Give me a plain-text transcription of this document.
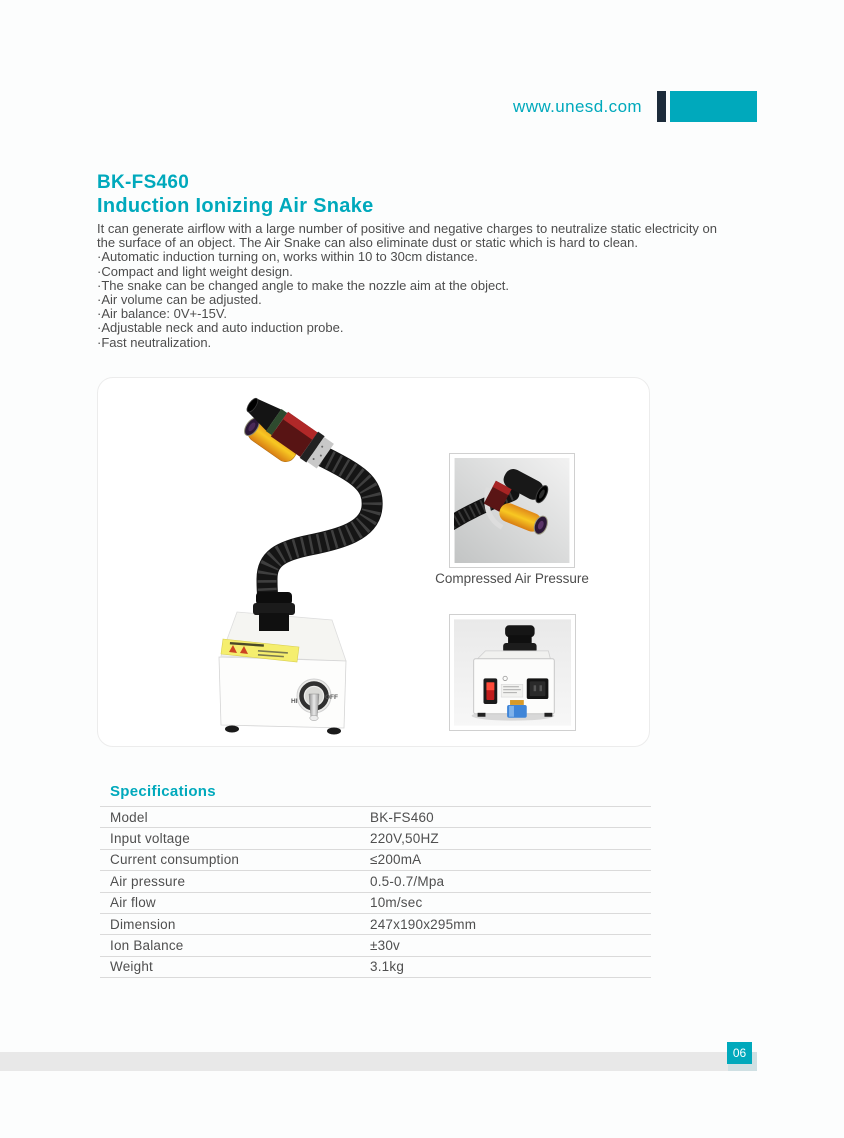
www.unesd.com
BK-FS460
Induction Ionizing Air Snake
It can generate airflow with a large number of positive and negative charges to neutralize static electricity on
the surface of an object. The Air Snake can also eliminate dust or static which is hard to clean.
·Automatic induction turning on, works within 10 to 30cm distance.
·Compact and light weight design.
·The snake can be changed angle to make the nozzle aim at the object.
·Air volume can be adjusted.
·Air balance: 0V+-15V.
·Adjustable neck and auto induction probe.
·Fast neutralization.
HI
OFF
Compressed Air Pressure
Specifications
Model	BK-FS460
Input voltage	220V,50HZ
Current consumption	≤200mA
Air pressure	0.5-0.7/Mpa
Air flow	10m/sec
Dimension	247x190x295mm
Ion Balance	±30v
Weight	3.1kg
06
